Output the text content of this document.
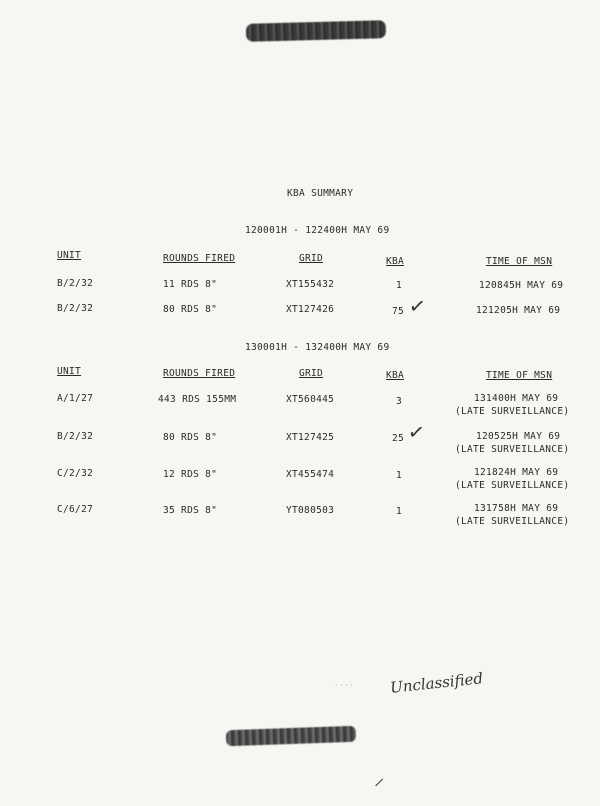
KBA SUMMARY
120001H - 122400H MAY 69
UNIT	ROUNDS FIRED	GRID	KBA	TIME OF MSN
B/2/32	11 RDS 8"	XT155432	1	120845H MAY 69
B/2/32	80 RDS 8"	XT127426	75 ✓	121205H MAY 69
130001H - 132400H MAY 69
UNIT	ROUNDS FIRED	GRID	KBA	TIME OF MSN
A/1/27	443 RDS 155MM	XT560445	3	131400H MAY 69
(LATE SURVEILLANCE)
B/2/32	80 RDS 8"	XT127425	25 ✓	120525H MAY 69
(LATE SURVEILLANCE)
C/2/32	12 RDS 8"	XT455474	1	121824H MAY 69
(LATE SURVEILLANCE)
C/6/27	35 RDS 8"	YT080503	1	131758H MAY 69
(LATE SURVEILLANCE)
· · · · Unclassified
/
